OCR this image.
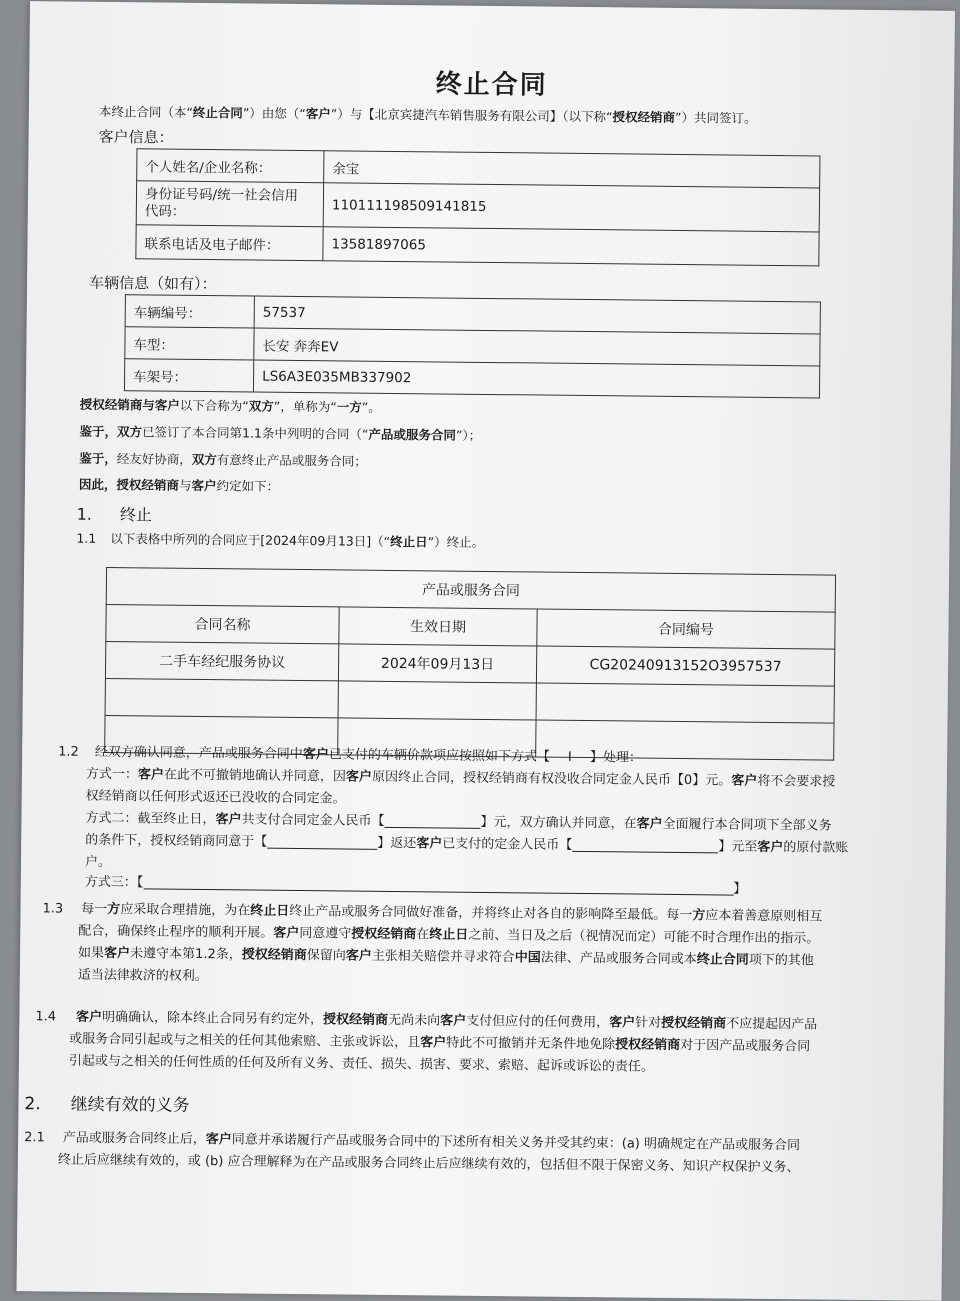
终止合同
本终止合同（本“终止合同”）由您（“客户”）与【北京宾捷汽车销售服务有限公司】（以下称“授权经销商”）共同签订。
客户信息：
个人姓名/企业名称：	余宝
身份证号码/统一社会信用
代码：	110111198509141815
联系电话及电子邮件：	13581897065
车辆信息（如有）：
车辆编号：	57537
车型：	长安 奔奔EV
车架号：	LS6A3E035MB337902
授权经销商与客户以下合称为“双方”，单称为“一方”。
鉴于，双方已签订了本合同第1.1条中列明的合同（“产品或服务合同”）；
鉴于，经友好协商，双方有意终止产品或服务合同；
因此，授权经销商与客户约定如下：
1. 终止
1.1 以下表格中所列的合同应于[2024年09月13日]（“终止日”）终止。
产品或服务合同		
合同名称	生效日期	合同编号
二手车经纪服务协议	2024年09月13日	CG20240913152O3957537

1.2 经双方确认同意，产品或服务合同中客户已支付的车辆价款项应按照如下方式【 Ⅰ 】处理：
方式一：客户在此不可撤销地确认并同意，因客户原因终止合同，授权经销商有权没收合同定金人民币【0】元。客户将不会要求授
权经销商以任何形式返还已没收的合同定金。
方式二：截至终止日，客户共支付合同定金人民币【	】元，双方确认并同意，在客户全面履行本合同项下全部义务
的条件下，授权经销商同意于【	】返还客户已支付的定金人民币【	】元至客户的原付款账
户。
方式三：【	】
1.3 每一方应采取合理措施，为在终止日终止产品或服务合同做好准备，并将终止对各自的影响降至最低。每一方应本着善意原则相互
配合，确保终止程序的顺利开展。客户同意遵守授权经销商在终止日之前、当日及之后（视情况而定）可能不时合理作出的指示。
如果客户未遵守本第1.2条，授权经销商保留向客户主张相关赔偿并寻求符合中国法律、产品或服务合同或本终止合同项下的其他
适当法律救济的权利。
1.4 客户明确确认，除本终止合同另有约定外，授权经销商无尚未向客户支付但应付的任何费用，客户针对授权经销商不应提起因产品
或服务合同引起或与之相关的任何其他索赔、主张或诉讼，且客户特此不可撤销并无条件地免除授权经销商对于因产品或服务合同
引起或与之相关的任何性质的任何及所有义务、责任、损失、损害、要求、索赔、起诉或诉讼的责任。
2. 继续有效的义务
2.1 产品或服务合同终止后，客户同意并承诺履行产品或服务合同中的下述所有相关义务并受其约束：(a) 明确规定在产品或服务合同
终止后应继续有效的，或 (b) 应合理解释为在产品或服务合同终止后应继续有效的，包括但不限于保密义务、知识产权保护义务、
